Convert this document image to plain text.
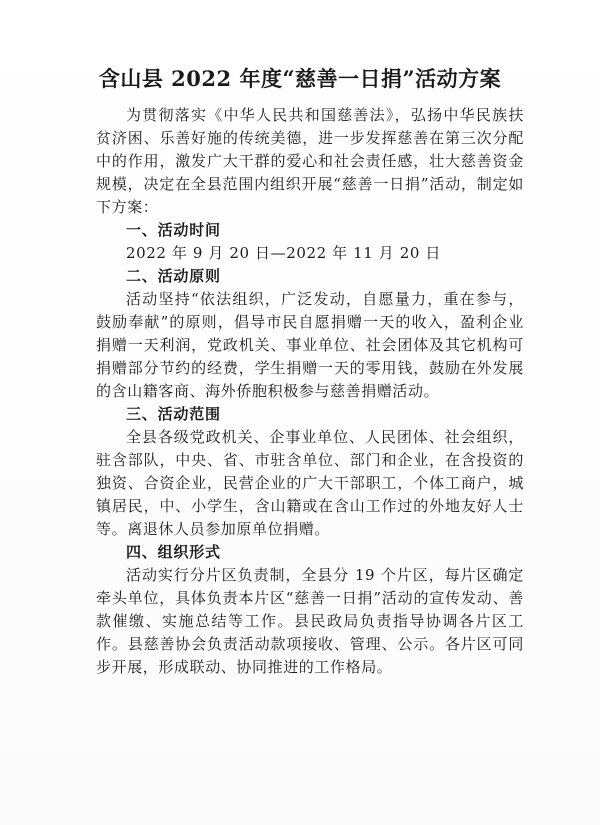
含山县 2022 年度“慈善一日捐”活动方案

为贯彻落实《中华人民共和国慈善法》，弘扬中华民族扶贫济困、乐善好施的传统美德，进一步发挥慈善在第三次分配中的作用，激发广大干群的爱心和社会责任感，壮大慈善资金规模，决定在全县范围内组织开展“慈善一日捐”活动，制定如下方案：

一、活动时间

2022 年 9 月 20 日—2022 年 11 月 20 日

二、活动原则

活动坚持“依法组织，广泛发动，自愿量力，重在参与，鼓励奉献”的原则，倡导市民自愿捐赠一天的收入，盈利企业捐赠一天利润，党政机关、事业单位、社会团体及其它机构可捐赠部分节约的经费，学生捐赠一天的零用钱，鼓励在外发展的含山籍客商、海外侨胞积极参与慈善捐赠活动。

三、活动范围

全县各级党政机关、企事业单位、人民团体、社会组织，驻含部队，中央、省、市驻含单位、部门和企业，在含投资的独资、合资企业，民营企业的广大干部职工，个体工商户，城镇居民，中、小学生，含山籍或在含山工作过的外地友好人士等。离退休人员参加原单位捐赠。

四、组织形式

活动实行分片区负责制，全县分 19 个片区，每片区确定牵头单位，具体负责本片区“慈善一日捐”活动的宣传发动、善款催缴、实施总结等工作。县民政局负责指导协调各片区工作。县慈善协会负责活动款项接收、管理、公示。各片区可同步开展，形成联动、协同推进的工作格局。
